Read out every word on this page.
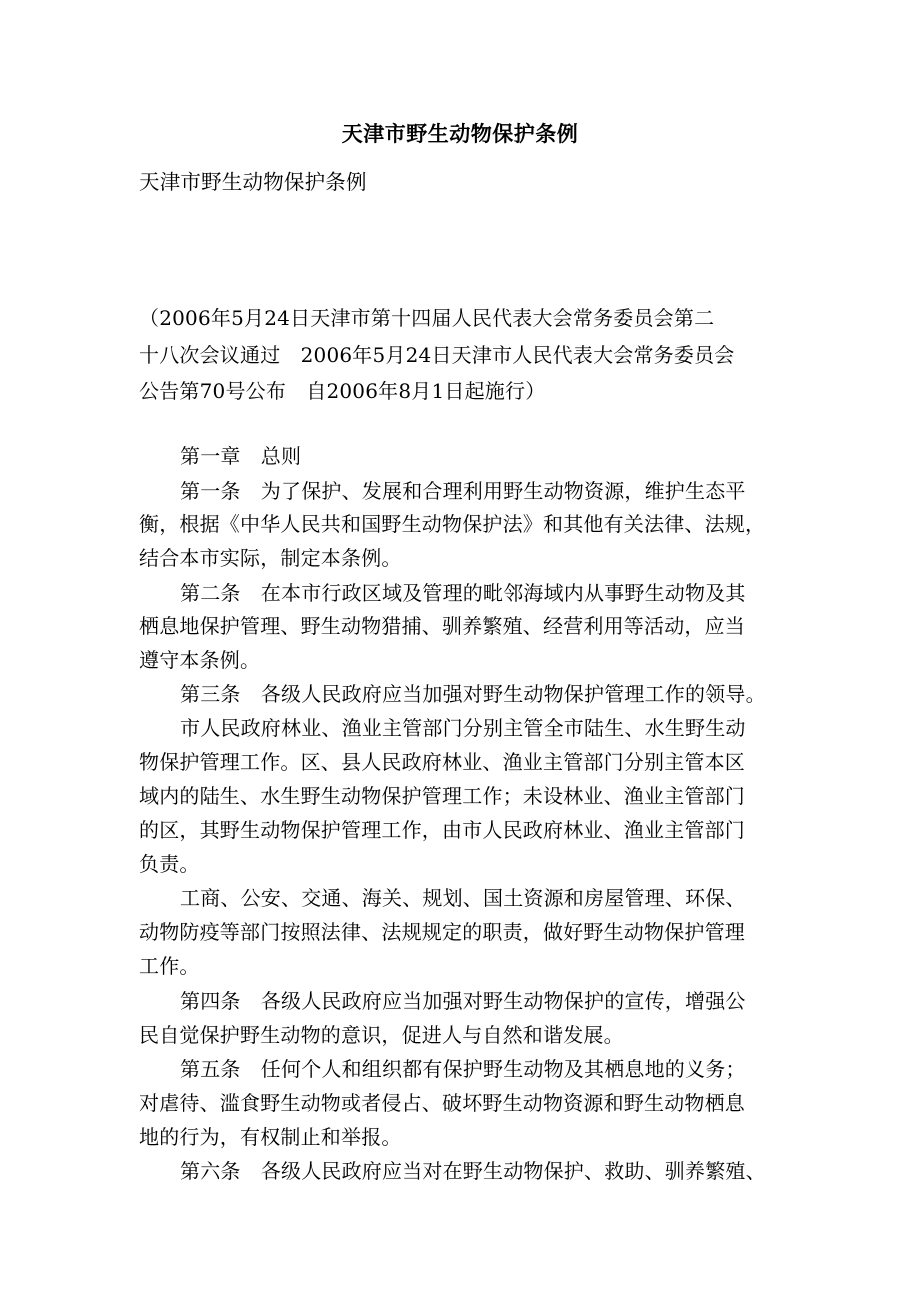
天津市野生动物保护条例
天津市野生动物保护条例
（2006年5月24日天津市第十四届人民代表大会常务委员会第二
十八次会议通过　2006年5月24日天津市人民代表大会常务委员会
公告第70号公布　自2006年8月1日起施行）
第一章　总则
第一条　为了保护、发展和合理利用野生动物资源，维护生态平
衡，根据《中华人民共和国野生动物保护法》和其他有关法律、法规，
结合本市实际，制定本条例。
第二条　在本市行政区域及管理的毗邻海域内从事野生动物及其
栖息地保护管理、野生动物猎捕、驯养繁殖、经营利用等活动，应当
遵守本条例。
第三条　各级人民政府应当加强对野生动物保护管理工作的领导。
市人民政府林业、渔业主管部门分别主管全市陆生、水生野生动
物保护管理工作。区、县人民政府林业、渔业主管部门分别主管本区
域内的陆生、水生野生动物保护管理工作；未设林业、渔业主管部门
的区，其野生动物保护管理工作，由市人民政府林业、渔业主管部门
负责。
工商、公安、交通、海关、规划、国土资源和房屋管理、环保、
动物防疫等部门按照法律、法规规定的职责，做好野生动物保护管理
工作。
第四条　各级人民政府应当加强对野生动物保护的宣传，增强公
民自觉保护野生动物的意识，促进人与自然和谐发展。
第五条　任何个人和组织都有保护野生动物及其栖息地的义务；
对虐待、滥食野生动物或者侵占、破坏野生动物资源和野生动物栖息
地的行为，有权制止和举报。
第六条　各级人民政府应当对在野生动物保护、救助、驯养繁殖、
